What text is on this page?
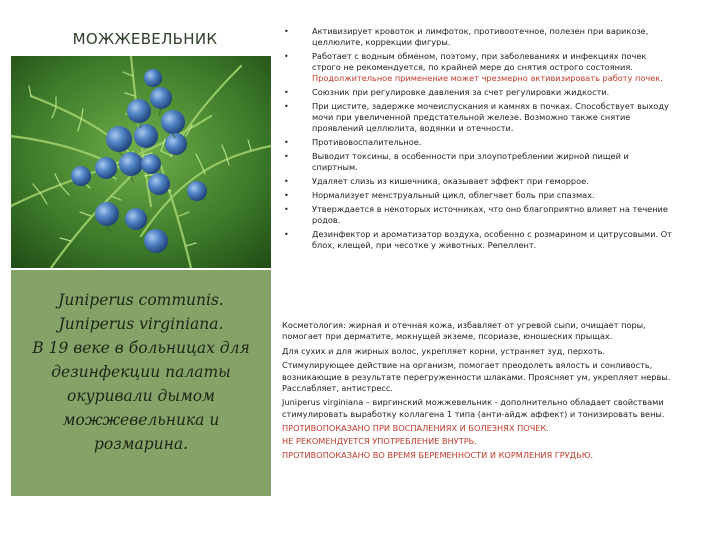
МОЖЖЕВЕЛЬНИК
Juniperus communis.
Juniperus virginiana.
В 19 веке в больницах для
дезинфекции палаты
окуривали дымом
можжевельника и
розмарина.
•	Активизирует кровоток и лимфоток, противоотечное, полезен при варикозе, целлюлите, коррекции фигуры.
•	Работает с водным обменом, поэтому, при заболеваниях и инфекциях почек строго не рекомендуется, по крайней мере до снятия острого состояния.
Продолжительное применение может чрезмерно активизировать работу почек.
•	Союзник при регулировке давления за счет регулировки жидкости.
•	При цистите, задержке мочеиспускания и камнях в почках. Способствует выходу мочи при увеличенной предстательной железе. Возможно также снятие проявлений целлюлита, водянки и отечности.
•	Противовоспалительное.
•	Выводит токсины, в особенности при злоупотреблении жирной пищей и спиртным.
•	Удаляет слизь из кишечника, оказывает эффект при геморрое.
•	Нормализует менструальный цикл, облегчает боль при спазмах.
•	Утверждается в некоторых источниках, что оно благоприятно влияет на течение родов.
•	Дезинфектор и ароматизатор воздуха, особенно с розмарином и цитрусовыми. От блох, клещей, при чесотке у животных. Репеллент.

Косметология: жирная и отечная кожа, избавляет от угревой сыпи, очищает поры, помогает при дерматите, мокнущей экземе, псориазе, юношеских прыщах.

Для сухих и для жирных волос, укрепляет корни, устраняет зуд, перхоть.

Стимулирующее действие на организм, помогает преодолеть вялость и сонливость, возникающие в результате перегруженности шлаками. Проясняет ум, укрепляет нервы. Расслабляет, антистресс.

Juniperus virginiana – виргинский можжевельник - дополнительно обладает свойствами стимулировать выработку коллагена 1 типа (анти-айдж аффект) и тонизировать вены.

ПРОТИВОПОКАЗАНО ПРИ ВОСПАЛЕНИЯХ И БОЛЕЗНЯХ ПОЧЕК.

НЕ РЕКОМЕНДУЕТСЯ УПОТРЕБЛЕНИЕ ВНУТРЬ.

ПРОТИВОПОКАЗАНО ВО ВРЕМЯ БЕРЕМЕННОСТИ И КОРМЛЕНИЯ ГРУДЬЮ.
